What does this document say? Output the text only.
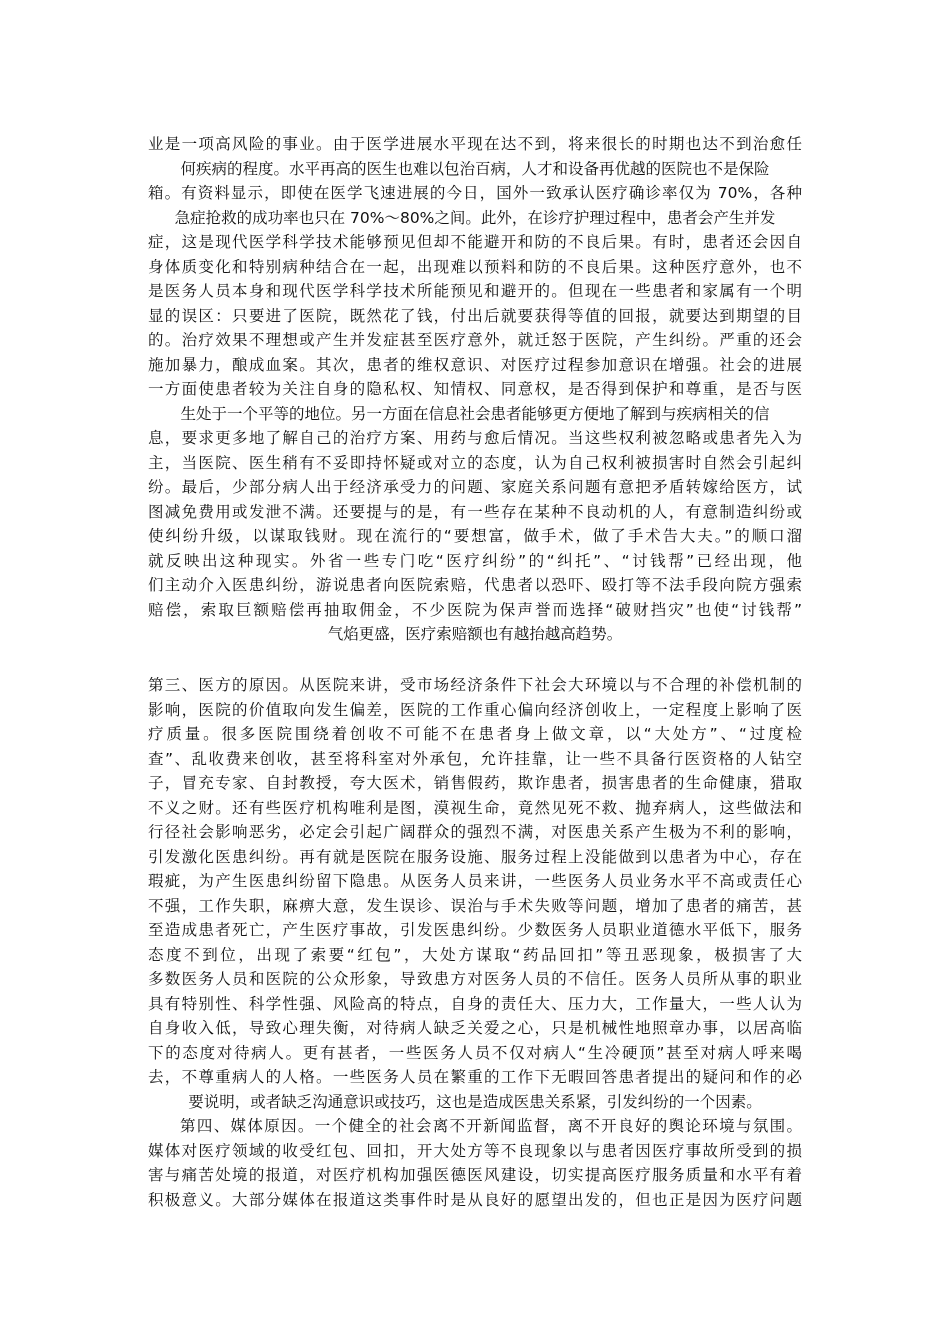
业是一项高风险的事业。由于医学进展水平现在达不到，将来很长的时期也达不到治愈任
何疾病的程度。水平再高的医生也难以包治百病，人才和设备再优越的医院也不是保险
箱。有资料显示，即使在医学飞速进展的今日，国外一致承认医疗确诊率仅为 70%，各种
急症抢救的成功率也只在 70%～80%之间。此外，在诊疗护理过程中，患者会产生并发
症，这是现代医学科学技术能够预见但却不能避开和防的不良后果。有时，患者还会因自
身体质变化和特别病种结合在一起，出现难以预料和防的不良后果。这种医疗意外，也不
是医务人员本身和现代医学科学技术所能预见和避开的。但现在一些患者和家属有一个明
显的误区：只要进了医院，既然花了钱，付出后就要获得等值的回报，就要达到期望的目
的。治疗效果不理想或产生并发症甚至医疗意外，就迁怒于医院，产生纠纷。严重的还会
施加暴力，酿成血案。其次，患者的维权意识、对医疗过程参加意识在增强。社会的进展
一方面使患者较为关注自身的隐私权、知情权、同意权，是否得到保护和尊重，是否与医
生处于一个平等的地位。另一方面在信息社会患者能够更方便地了解到与疾病相关的信
息，要求更多地了解自己的治疗方案、用药与愈后情况。当这些权利被忽略或患者先入为
主，当医院、医生稍有不妥即持怀疑或对立的态度，认为自己权利被损害时自然会引起纠
纷。最后，少部分病人出于经济承受力的问题、家庭关系问题有意把矛盾转嫁给医方，试
图减免费用或发泄不满。还要提与的是，有一些存在某种不良动机的人，有意制造纠纷或
使纠纷升级，以谋取钱财。现在流行的“要想富，做手术，做了手术告大夫。”的顺口溜
就反映出这种现实。外省一些专门吃“医疗纠纷”的“纠托”、“讨钱帮”已经出现，他
们主动介入医患纠纷，游说患者向医院索赔，代患者以恐吓、殴打等不法手段向院方强索
赔偿，索取巨额赔偿再抽取佣金，不少医院为保声誉而选择“破财挡灾”也使“讨钱帮”
气焰更盛，医疗索赔额也有越抬越高趋势。
第三、医方的原因。从医院来讲，受市场经济条件下社会大环境以与不合理的补偿机制的
影响，医院的价值取向发生偏差，医院的工作重心偏向经济创收上，一定程度上影响了医
疗质量。很多医院围绕着创收不可能不在患者身上做文章，以“大处方”、“过度检
查”、乱收费来创收，甚至将科室对外承包，允许挂靠，让一些不具备行医资格的人钻空
子，冒充专家、自封教授，夸大医术，销售假药，欺诈患者，损害患者的生命健康，猎取
不义之财。还有些医疗机构唯利是图，漠视生命，竟然见死不救、抛弃病人，这些做法和
行径社会影响恶劣，必定会引起广阔群众的强烈不满，对医患关系产生极为不利的影响，
引发激化医患纠纷。再有就是医院在服务设施、服务过程上没能做到以患者为中心，存在
瑕疵，为产生医患纠纷留下隐患。从医务人员来讲，一些医务人员业务水平不高或责任心
不强，工作失职，麻痹大意，发生误诊、误治与手术失败等问题，增加了患者的痛苦，甚
至造成患者死亡，产生医疗事故，引发医患纠纷。少数医务人员职业道德水平低下，服务
态度不到位，出现了索要“红包”，大处方谋取“药品回扣”等丑恶现象，极损害了大
多数医务人员和医院的公众形象，导致患方对医务人员的不信任。医务人员所从事的职业
具有特别性、科学性强、风险高的特点，自身的责任大、压力大，工作量大，一些人认为
自身收入低，导致心理失衡，对待病人缺乏关爱之心，只是机械性地照章办事，以居高临
下的态度对待病人。更有甚者，一些医务人员不仅对病人“生冷硬顶”甚至对病人呼来喝
去，不尊重病人的人格。一些医务人员在繁重的工作下无暇回答患者提出的疑问和作的必
要说明，或者缺乏沟通意识或技巧，这也是造成医患关系紧，引发纠纷的一个因素。
第四、媒体原因。一个健全的社会离不开新闻监督，离不开良好的舆论环境与氛围。
媒体对医疗领域的收受红包、回扣，开大处方等不良现象以与患者因医疗事故所受到的损
害与痛苦处境的报道，对医疗机构加强医德医风建设，切实提高医疗服务质量和水平有着
积极意义。大部分媒体在报道这类事件时是从良好的愿望出发的，但也正是因为医疗问题
